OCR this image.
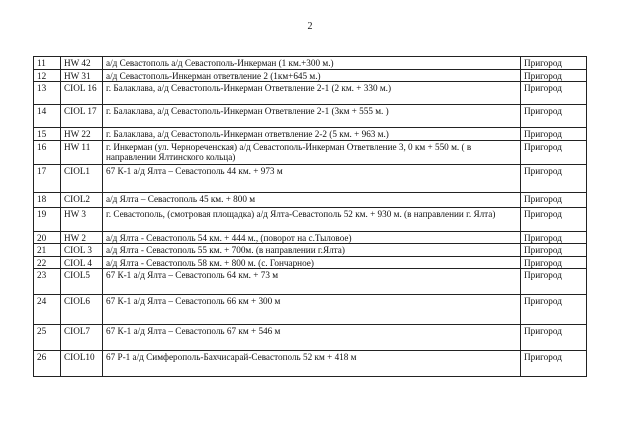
2
11	HW 42	а/д Севастополь а/д Севастополь-Инкерман (1 км.+300 м.)	Пригород
12	HW 31	а/д Севастополь-Инкерман ответвление 2 (1км+645 м.)	Пригород
13	CIOL 16	г. Балаклава, а/д Севастополь-Инкерман Ответвление 2-1 (2 км. + 330 м.)	Пригород
14	CIOL 17	г. Балаклава, а/д Севастополь-Инкерман Ответвление 2-1 (3км + 555 м. )	Пригород
15	HW 22	г. Балаклава, а/д Севастополь-Инкерман ответвление 2-2 (5 км. + 963 м.)	Пригород
16	HW 11	г. Инкерман (ул. Чернореченская) а/д Севастополь-Инкерман Ответвление 3, 0 км + 550 м. ( в направлении Ялтинского кольца)	Пригород
17	CIOL1	67 К-1 а/д Ялта – Севастополь 44 км. + 973 м	Пригород
18	CIOL2	а/д Ялта – Севастополь 45 км. + 800 м	Пригород
19	HW 3	г. Севастополь, (смотровая площадка) а/д Ялта-Севастополь 52 км. + 930 м. (в направлении г. Ялта)	Пригород
20	HW 2	а/д Ялта - Севастополь 54 км. + 444 м., (поворот на с.Тыловое)	Пригород
21	CIOL 3	а/д Ялта - Севастополь 55 км. + 700м. (в направлении г.Ялта)	Пригород
22	CIOL 4	а/д Ялта - Севастополь 58 км. + 800 м. (с. Гончарное)	Пригород
23	CIOL5	67 К-1 а/д Ялта – Севастополь 64 км. + 73 м	Пригород
24	CIOL6	67 К-1 а/д Ялта – Севастополь 66 км + 300 м	Пригород
25	CIOL7	67 К-1 а/д Ялта – Севастополь 67 км + 546 м	Пригород
26	CIOL10	67 Р-1 а/д Симферополь-Бахчисарай-Севастополь 52 км + 418 м	Пригород
